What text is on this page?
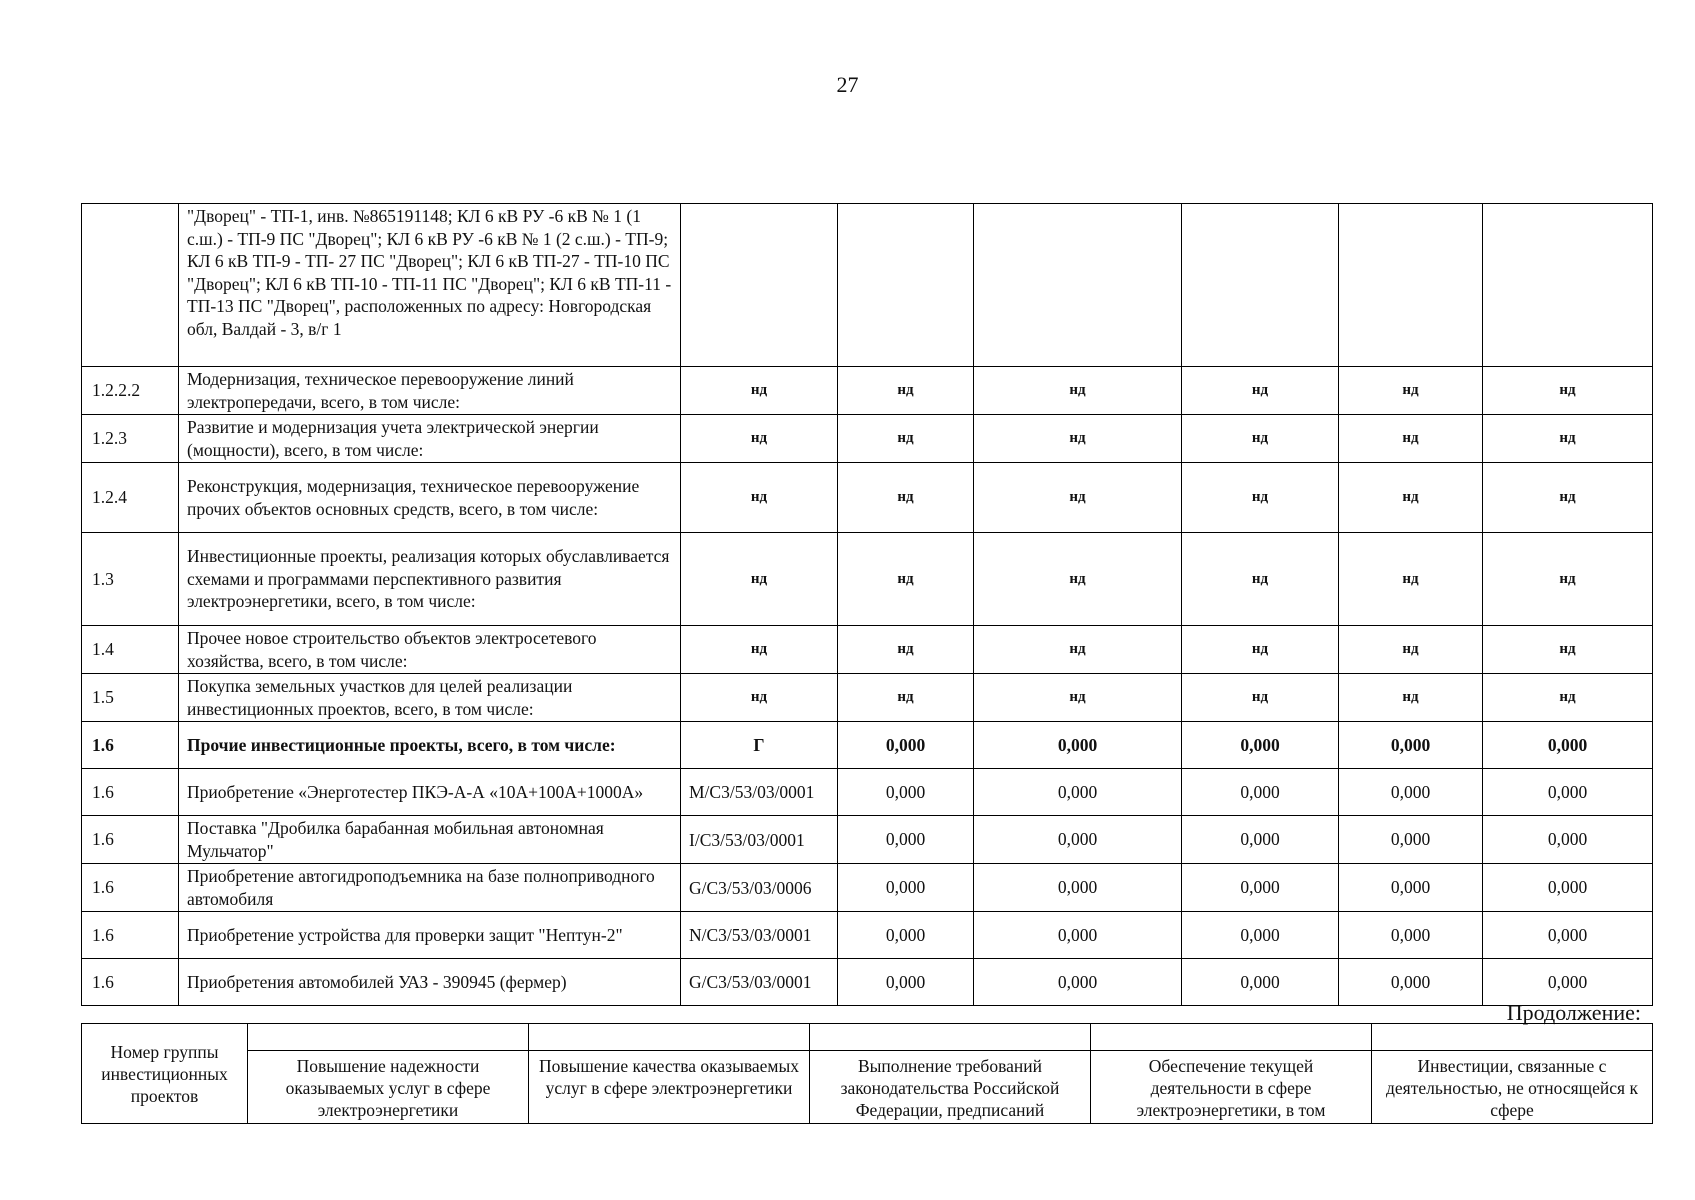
27
	"Дворец" - ТП-1, инв. №865191148; КЛ 6 кВ РУ -6 кВ № 1 (1 с.ш.) - ТП-9 ПС "Дворец"; КЛ 6 кВ РУ -6 кВ № 1 (2 с.ш.) - ТП-9; КЛ 6 кВ ТП-9 - ТП- 27 ПС "Дворец"; КЛ 6 кВ ТП-27 - ТП-10 ПС "Дворец"; КЛ 6 кВ ТП-10 - ТП-11 ПС "Дворец"; КЛ 6 кВ ТП-11 - ТП-13 ПС "Дворец", расположенных по адресу: Новгородская обл, Валдай - 3, в/г 1						
1.2.2.2	Модернизация, техническое перевооружение линий электропередачи, всего, в том числе:	нд	нд	нд	нд	нд	нд
1.2.3	Развитие и модернизация учета электрической энергии (мощности), всего, в том числе:	нд	нд	нд	нд	нд	нд
1.2.4	Реконструкция, модернизация, техническое перевооружение прочих объектов основных средств, всего, в том числе:	нд	нд	нд	нд	нд	нд
1.3	Инвестиционные проекты, реализация которых обуславливается схемами и программами перспективного развития электроэнергетики, всего, в том числе:	нд	нд	нд	нд	нд	нд
1.4	Прочее новое строительство объектов электросетевого хозяйства, всего, в том числе:	нд	нд	нд	нд	нд	нд
1.5	Покупка земельных участков для целей реализации инвестиционных проектов, всего, в том числе:	нд	нд	нд	нд	нд	нд
1.6	Прочие инвестиционные проекты, всего, в том числе:	Г	0,000	0,000	0,000	0,000	0,000
1.6	Приобретение «Энерготестер ПКЭ-А-А «10А+100А+1000А»	M/C3/53/03/0001	0,000	0,000	0,000	0,000	0,000
1.6	Поставка "Дробилка барабанная мобильная автономная Мульчатор"	I/C3/53/03/0001	0,000	0,000	0,000	0,000	0,000
1.6	Приобретение автогидроподъемника на базе полноприводного автомобиля	G/C3/53/03/0006	0,000	0,000	0,000	0,000	0,000
1.6	Приобретение устройства для проверки защит "Нептун-2"	N/C3/53/03/0001	0,000	0,000	0,000	0,000	0,000
1.6	Приобретения автомобилей УАЗ - 390945 (фермер)	G/C3/53/03/0001	0,000	0,000	0,000	0,000	0,000
Продолжение:
Номер группы инвестиционных проектов					
	Повышение надежности оказываемых услуг в сфере электроэнергетики	Повышение качества оказываемых услуг в сфере электроэнергетики	Выполнение требований законодательства Российской Федерации, предписаний	Обеспечение текущей деятельности в сфере электроэнергетики, в том	Инвестиции, связанные с деятельностью, не относящейся к сфере
